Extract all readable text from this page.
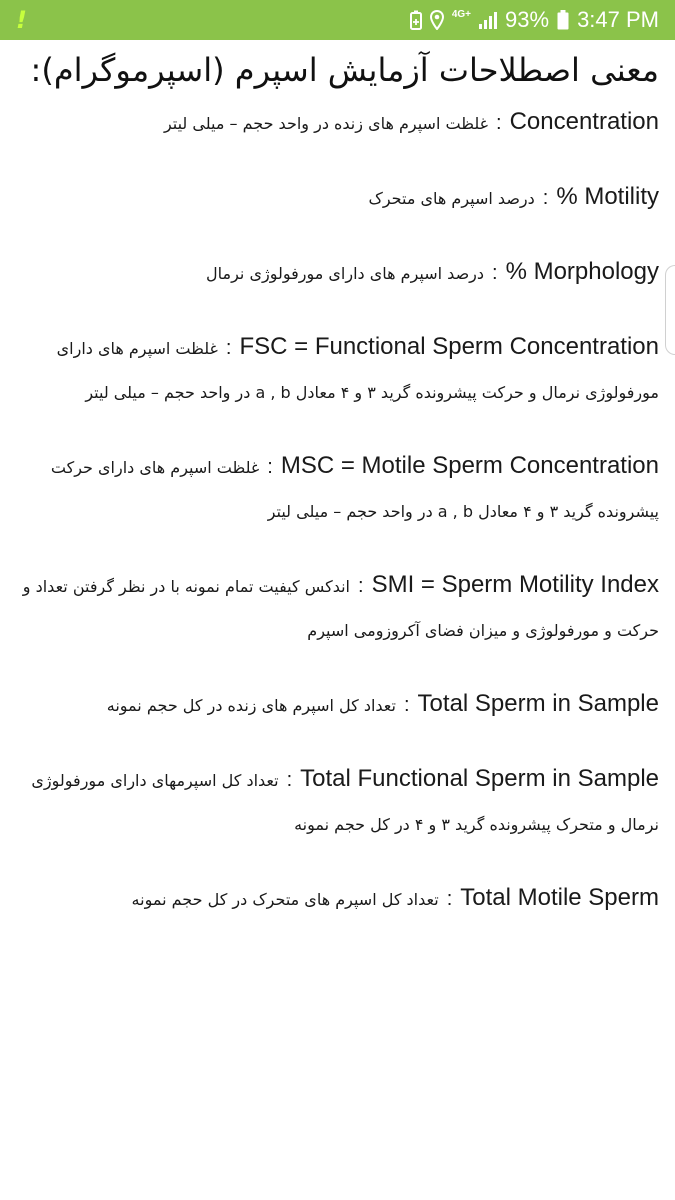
!	4G+ 93% 3:47 PM
معنی اصطلاحات آزمایش اسپرم (اسپرموگرام):

Concentration:غلظت اسپرم های زنده در واحد حجم – میلی لیتر

% Motility:درصد اسپرم های متحرک

% Morphology:درصد اسپرم های دارای مورفولوژی نرمال

FSC = Functional Sperm Concentration:غلظت اسپرم های دارای مورفولوژی نرمال و حرکت پیشرونده گرید ۳ و ۴ معادل a , b در واحد حجم – میلی لیتر

MSC = Motile Sperm Concentration:غلظت اسپرم های دارای حرکت پیشرونده گرید ۳ و ۴ معادل a , b در واحد حجم – میلی لیتر

SMI = Sperm Motility Index:اندکس کیفیت تمام نمونه با در نظر گرفتن تعداد و حرکت و مورفولوژی و میزان فضای آکروزومی اسپرم

Total Sperm in Sample:تعداد کل اسپرم های زنده در کل حجم نمونه

Total Functional Sperm in Sample:تعداد کل اسپرمهای دارای مورفولوژی نرمال و متحرک پیشرونده گرید ۳ و ۴ در کل حجم نمونه

Total Motile Sperm:تعداد کل اسپرم های متحرک در کل حجم نمونه
